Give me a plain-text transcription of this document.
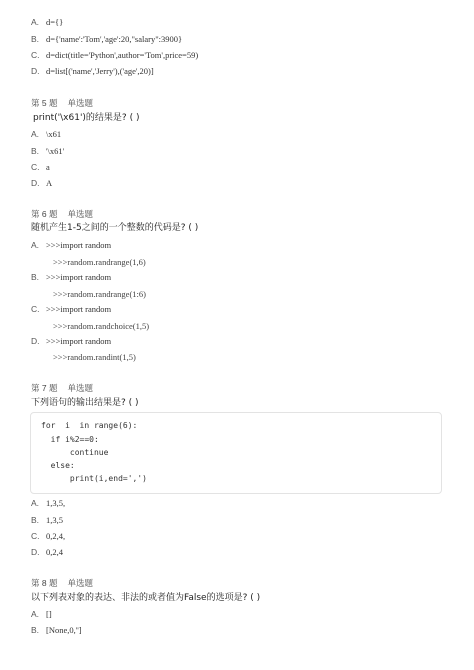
A. d={}
B. d={'name':'Tom','age':20,"salary":3900}
C. d=dict(title='Python',author='Tom',price=59)
D. d=list[('name','Jerry'),('age',20)]
第 5 题 单选题
print('\x61')的结果是? ( )
A. \x61
B. '\x61'
C. a
D. A
第 6 题 单选题
随机产生1-5之间的一个整数的代码是? ( )
A. >>>import random
>>>random.randrange(1,6)
B. >>>import random
>>>random.randrange(1:6)
C. >>>import random
>>>random.randchoice(1,5)
D. >>>import random
>>>random.randint(1,5)
第 7 题 单选题
下列语句的输出结果是? ( )
for  i  in range(6):
if i%2==0:
continue
else:
print(i,end=',')
A. 1,3,5,
B. 1,3,5
C. 0,2,4,
D. 0,2,4
第 8 题 单选题
以下列表对象的表达、非法的或者值为False的选项是? ( )
A. []
B. [None,0,'']
